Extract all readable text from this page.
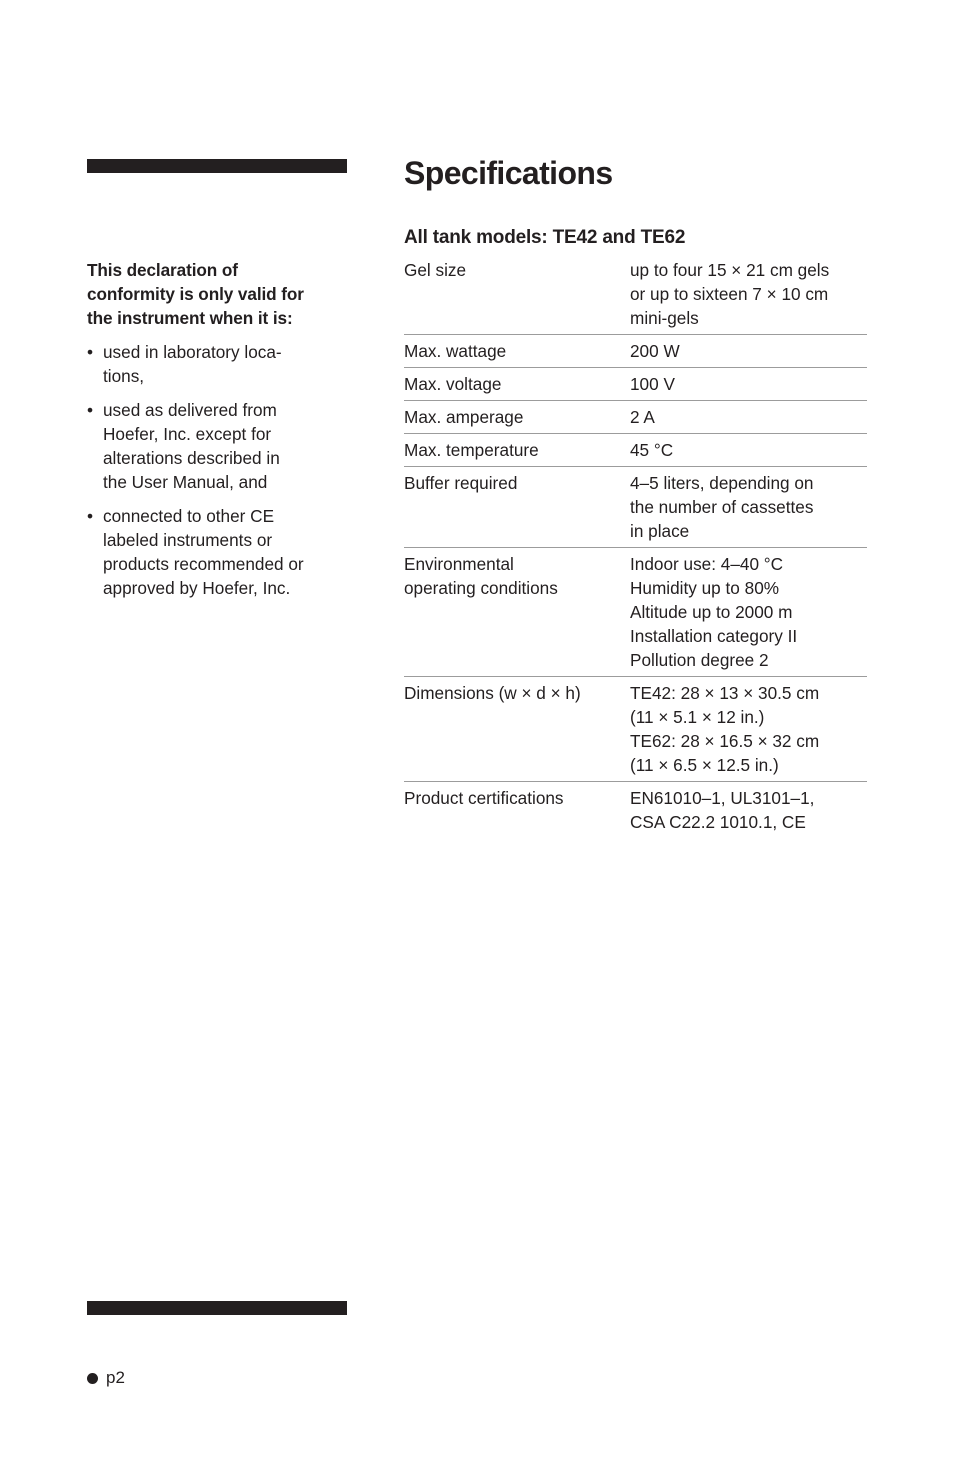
This declaration of
conformity is only valid for
the instrument when it is:

• used in laboratory loca-
tions,
• used as delivered from
Hoefer, Inc. except for
alterations described in
the User Manual, and
• connected to other CE
labeled instruments or
products recommended or
approved by Hoefer, Inc.
Specifications
All tank models: TE42 and TE62
Gel size	up to four 15 × 21 cm gels
or up to sixteen 7 × 10 cm
mini-gels
Max. wattage	200 W
Max. voltage	100 V
Max. amperage	2 A
Max. temperature	45 °C
Buffer required	4–5 liters, depending on
the number of cassettes
in place
Environmental
operating conditions	Indoor use: 4–40 °C
Humidity up to 80%
Altitude up to 2000 m
Installation category II
Pollution degree 2
Dimensions (w × d × h)	TE42: 28 × 13 × 30.5 cm
(11 × 5.1 × 12 in.)
TE62: 28 × 16.5 × 32 cm
(11 × 6.5 × 12.5 in.)
Product certifications	EN61010–1, UL3101–1,
CSA C22.2 1010.1, CE
p2
